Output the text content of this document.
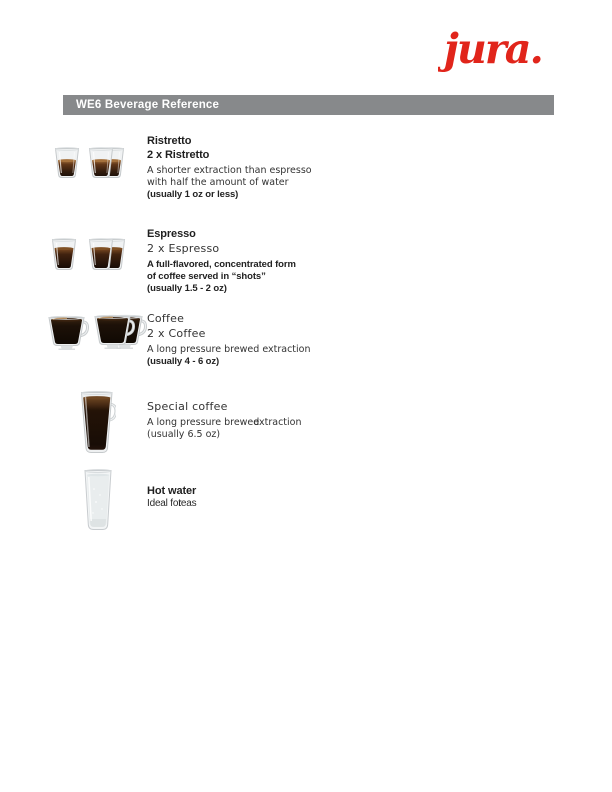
jura.
WE6 Beverage Reference
Ristretto
2 x Ristretto
A shorter extraction than espresso
with half the amount of water
(usually 1 oz or less)
Espresso
2 x Espresso
A full-flavored, concentrated form
of coffee served in “shots”
(usually 1.5 - 2 oz)
Coffee
2 x Coffee
A long pressure brewed extraction
(usually 4 - 6 oz)
Special coffee
A long pressure brewedextraction
(usually 6.5 oz)
Hot water
Ideal forteas
